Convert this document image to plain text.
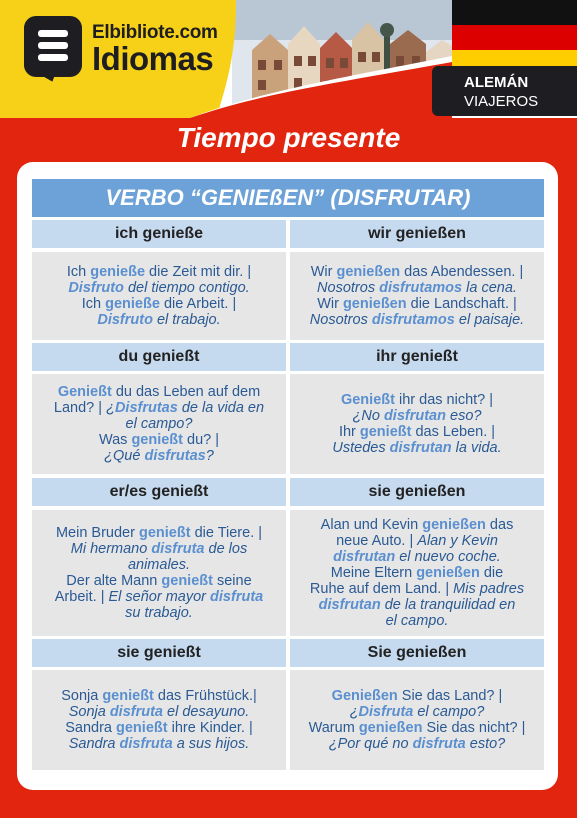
Elbibliote.com
Idiomas
ALEMÁN
VIAJEROS
Tiempo presente
VERBO “GENIEßEN” (DISFRUTAR)
ich genieße	wir genießen

Ich genieße die Zeit mit dir. |
Disfruto del tiempo contigo.
Ich genieße die Arbeit. |
Disfruto el trabajo.

Wir genießen das Abendessen. |
Nosotros disfrutamos la cena.
Wir genießen die Landschaft. |
Nosotros disfrutamos el paisaje.

du genießt	ihr genießt

Genießt du das Leben auf dem
Land? | ¿Disfrutas de la vida en
el campo?
Was genießt du? |
¿Qué disfrutas?

Genießt ihr das nicht? |
¿No disfrutan eso?
Ihr genießt das Leben. |
Ustedes disfrutan la vida.

er/es genießt	sie genießen

Mein Bruder genießt die Tiere. |
Mi hermano disfruta de los
animales.
Der alte Mann genießt seine
Arbeit. | El señor mayor disfruta
su trabajo.

Alan und Kevin genießen das
neue Auto. | Alan y Kevin
disfrutan el nuevo coche.
Meine Eltern genießen die
Ruhe auf dem Land. | Mis padres
disfrutan de la tranquilidad en
el campo.

sie genießt	Sie genießen

Sonja genießt das Frühstück.|
Sonja disfruta el desayuno.
Sandra genießt ihre Kinder. |
Sandra disfruta a sus hijos.

Genießen Sie das Land? |
¿Disfruta el campo?
Warum genießen Sie das nicht? |
¿Por qué no disfruta esto?
